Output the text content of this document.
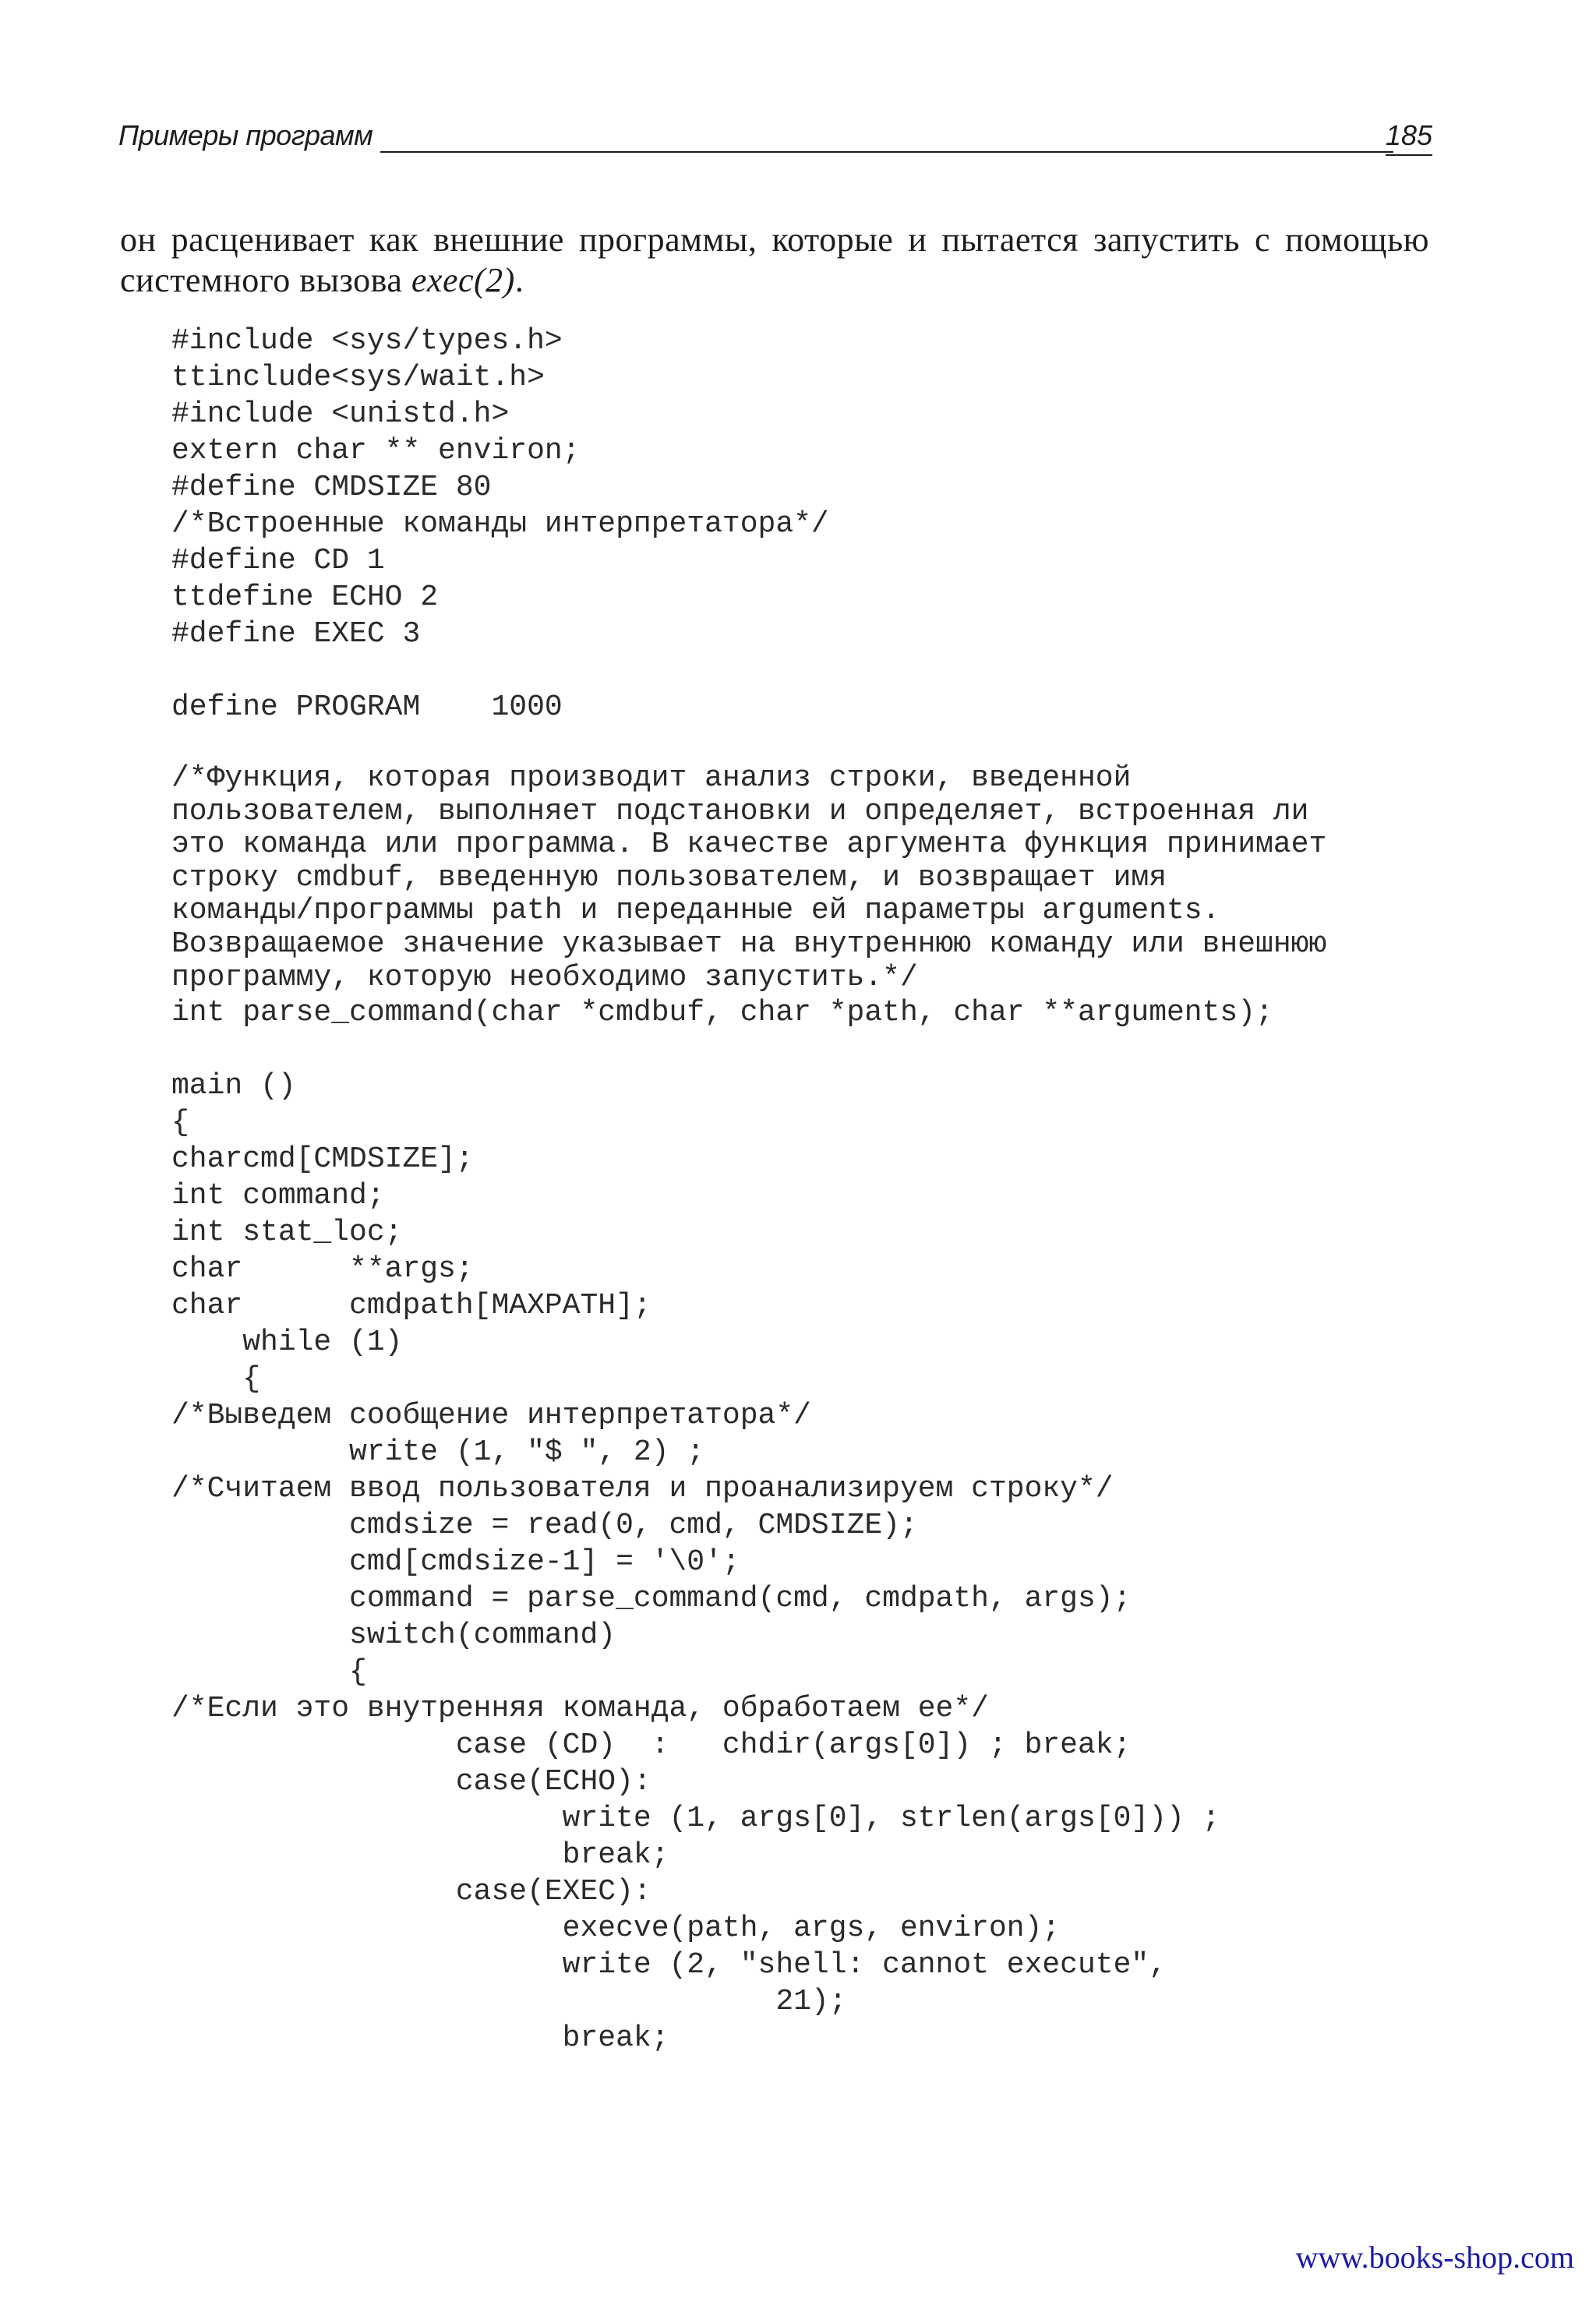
Примеры программ	185

он расценивает как внешние программы, которые и пытается запустить с помощью системного вызова exec(2).

#include <sys/types.h>
ttinclude<sys/wait.h>
#include <unistd.h>
extern char ** environ;
#define CMDSIZE 80
/*Встроенные команды интерпретатора*/
#define CD 1
ttdefine ECHO 2
#define EXEC 3
define PROGRAM    1000
/*Функция, которая производит анализ строки, введенной
пользователем, выполняет подстановки и определяет, встроенная ли
это команда или программа. В качестве аргумента функция принимает
строку cmdbuf, введенную пользователем, и возвращает имя
команды/программы path и переданные ей параметры arguments.
Возвращаемое значение указывает на внутреннюю команду или внешнюю
программу, которую необходимо запустить.*/
int parse_command(char *cmdbuf, char *path, char **arguments);
main ()
{
charcmd[CMDSIZE];
int command;
int stat_loc;
char      **args;
char      cmdpath[MAXPATH];
while (1)
{
/*Выведем сообщение интерпретатора*/
write (1, "$ ", 2) ;
/*Считаем ввод пользователя и проанализируем строку*/
cmdsize = read(0, cmd, CMDSIZE);
cmd[cmdsize-1] = '\0';
command = parse_command(cmd, cmdpath, args);
switch(command)
{
/*Если это внутренняя команда, обработаем ее*/
case (CD)  :   chdir(args[0]) ; break;
case(ECHO):
write (1, args[0], strlen(args[0])) ;
break;
case(EXEC):
execve(path, args, environ);
write (2, "shell: cannot execute",
21);
break;
www.books-shop.com
